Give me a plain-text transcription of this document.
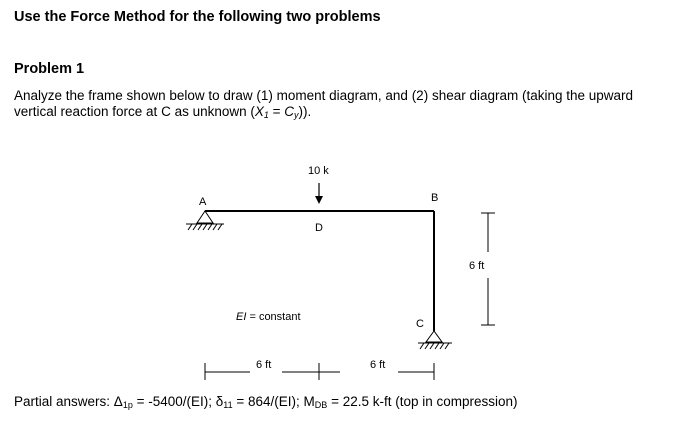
Use the Force Method for the following two problems
Problem 1
Analyze the frame shown below to draw (1) moment diagram, and (2) shear diagram (taking the upward
vertical reaction force at C as unknown $(X_1 = C_y)$).
10 k
A	B
C
D
6 ft
EI = constant
6 ft	6 ft
Partial answers: $\Delta_{1p} = -5400/(EI)$; $\delta_{11} = 864/(EI)$; $M_{DB} = 22.5$ k-ft (top in compression)
